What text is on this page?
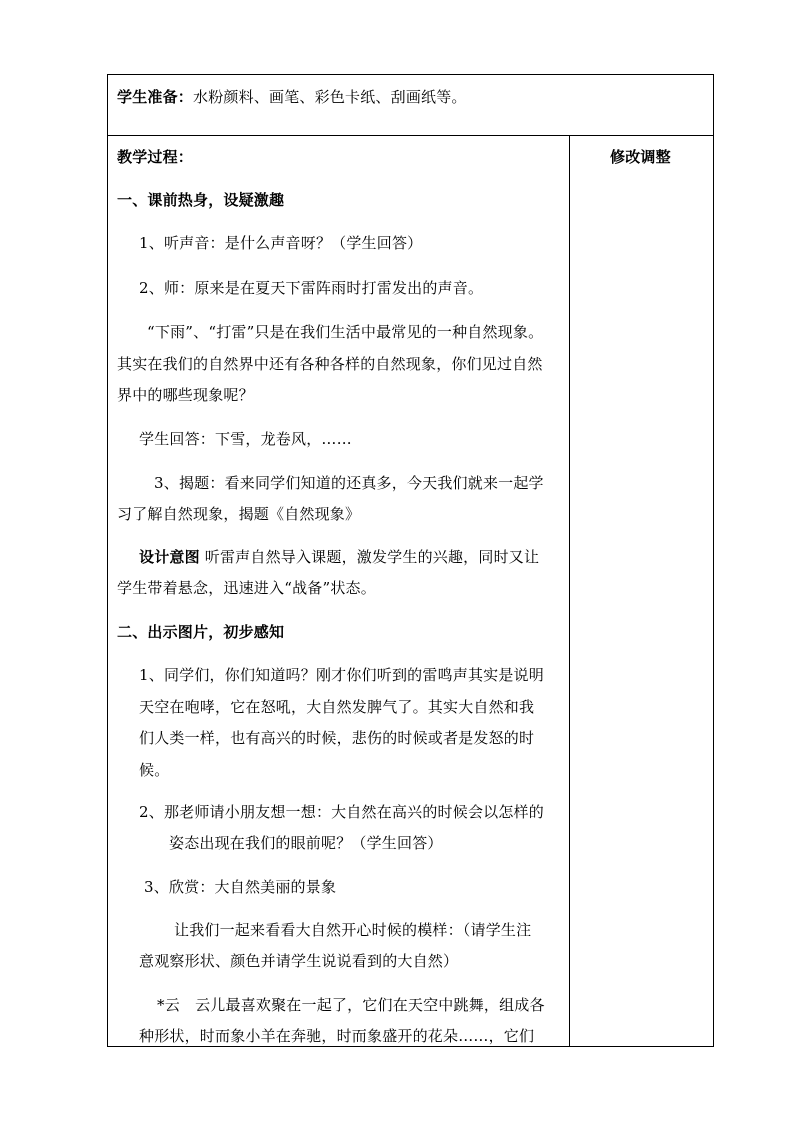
学生准备：水粉颜料、画笔、彩色卡纸、刮画纸等。
修改调整
教学过程：
一、课前热身，设疑激趣
1、听声音：是什么声音呀？（学生回答）
2、师：原来是在夏天下雷阵雨时打雷发出的声音。
“下雨”、“打雷”只是在我们生活中最常见的一种自然现象。
其实在我们的自然界中还有各种各样的自然现象，你们见过自然
界中的哪些现象呢？
学生回答：下雪，龙卷风，……
3、揭题：看来同学们知道的还真多，今天我们就来一起学
习了解自然现象，揭题《自然现象》
设计意图 听雷声自然导入课题，激发学生的兴趣，同时又让
学生带着悬念，迅速进入“战备”状态。
二、出示图片，初步感知
1、同学们，你们知道吗？刚才你们听到的雷鸣声其实是说明
天空在咆哮，它在怒吼，大自然发脾气了。其实大自然和我
们人类一样，也有高兴的时候，悲伤的时候或者是发怒的时
候。
2、那老师请小朋友想一想：大自然在高兴的时候会以怎样的
姿态出现在我们的眼前呢？（学生回答）
3、欣赏：大自然美丽的景象
让我们一起来看看大自然开心时候的模样：（请学生注
意观察形状、颜色并请学生说说看到的大自然）
*云　云儿最喜欢聚在一起了，它们在天空中跳舞，组成各
种形状，时而象小羊在奔驰，时而象盛开的花朵……，它们
